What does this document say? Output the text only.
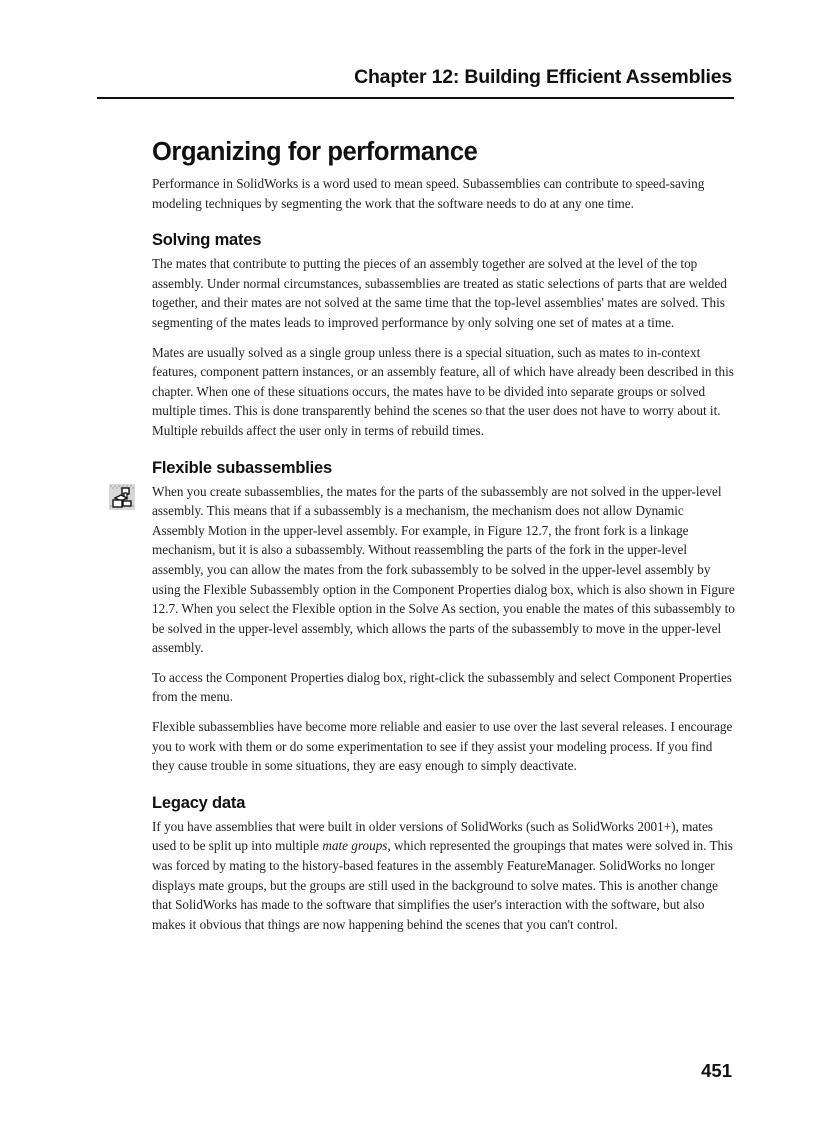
Chapter 12: Building Efficient Assemblies
Organizing for performance

Performance in SolidWorks is a word used to mean speed. Subassemblies can contribute to speed-saving modeling techniques by segmenting the work that the software needs to do at any one time.

Solving mates

The mates that contribute to putting the pieces of an assembly together are solved at the level of the top assembly. Under normal circumstances, subassemblies are treated as static selections of parts that are welded together, and their mates are not solved at the same time that the top-level assemblies' mates are solved. This segmenting of the mates leads to improved performance by only solving one set of mates at a time.

Mates are usually solved as a single group unless there is a special situation, such as mates to in-context features, component pattern instances, or an assembly feature, all of which have already been described in this chapter. When one of these situations occurs, the mates have to be divided into separate groups or solved multiple times. This is done transparently behind the scenes so that the user does not have to worry about it. Multiple rebuilds affect the user only in terms of rebuild times.

Flexible subassemblies

When you create subassemblies, the mates for the parts of the subassembly are not solved in the upper-level assembly. This means that if a subassembly is a mechanism, the mechanism does not allow Dynamic Assembly Motion in the upper-level assembly. For example, in Figure 12.7, the front fork is a linkage mechanism, but it is also a subassembly. Without reassembling the parts of the fork in the upper-level assembly, you can allow the mates from the fork subassembly to be solved in the upper-level assembly by using the Flexible Subassembly option in the Component Properties dialog box, which is also shown in Figure 12.7. When you select the Flexible option in the Solve As section, you enable the mates of this subassembly to be solved in the upper-level assembly, which allows the parts of the subassembly to move in the upper-level assembly.

To access the Component Properties dialog box, right-click the subassembly and select Component Properties from the menu.

Flexible subassemblies have become more reliable and easier to use over the last several releases. I encourage you to work with them or do some experimentation to see if they assist your modeling process. If you find they cause trouble in some situations, they are easy enough to simply deactivate.

Legacy data

If you have assemblies that were built in older versions of SolidWorks (such as SolidWorks 2001+), mates used to be split up into multiple mate groups, which represented the groupings that mates were solved in. This was forced by mating to the history-based features in the assembly FeatureManager. SolidWorks no longer displays mate groups, but the groups are still used in the background to solve mates. This is another change that SolidWorks has made to the software that simplifies the user's interaction with the software, but also makes it obvious that things are now happening behind the scenes that you can't control.

451
